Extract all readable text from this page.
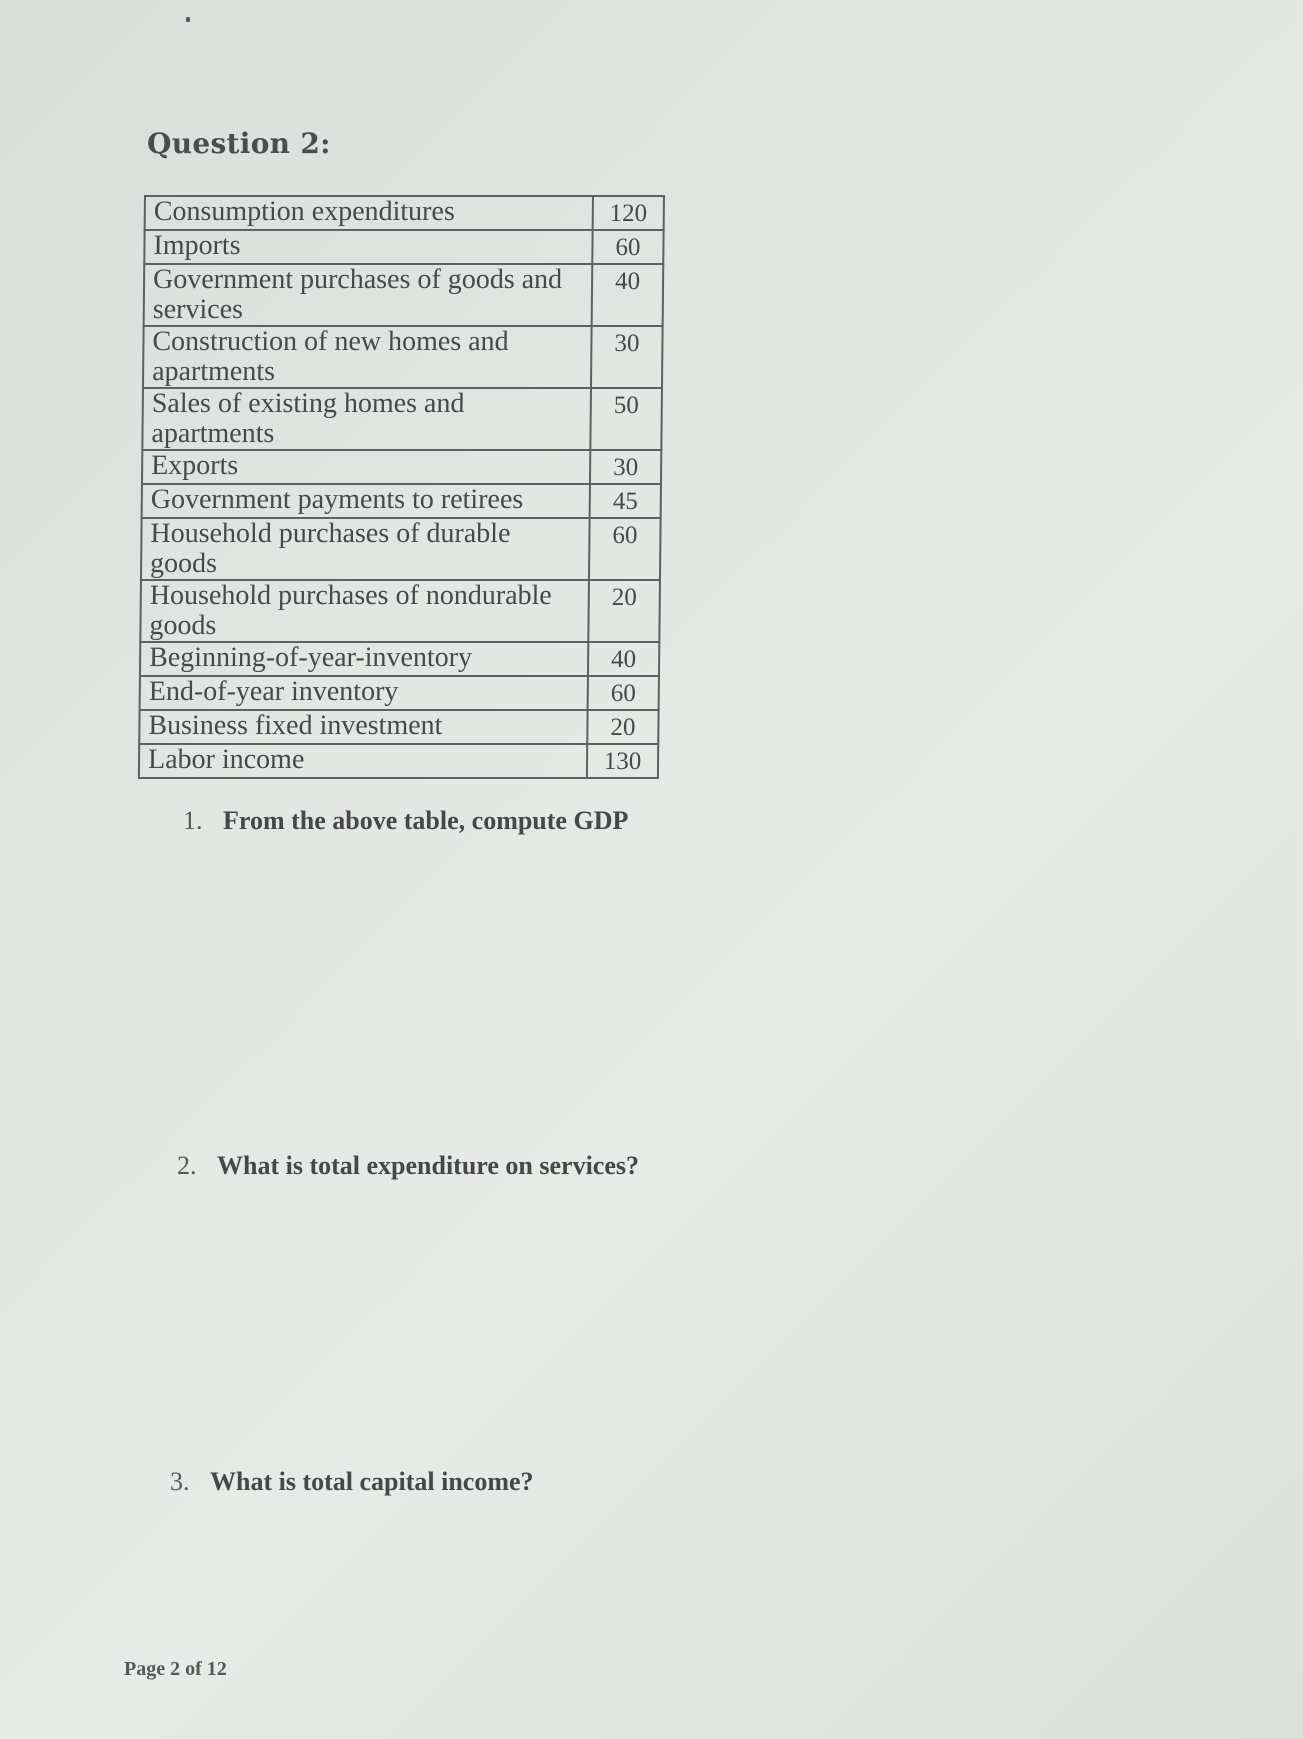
Question 2:
Consumption expenditures	120
Imports	60
Government purchases of goods and services	40
Construction of new homes and apartments	30
Sales of existing homes and apartments	50
Exports	30
Government payments to retirees	45
Household purchases of durable goods	60
Household purchases of nondurable goods	20
Beginning-of-year-inventory	40
End-of-year inventory	60
Business fixed investment	20
Labor income	130
1. From the above table, compute GDP
2. What is total expenditure on services?
3. What is total capital income?
Page 2 of 12
